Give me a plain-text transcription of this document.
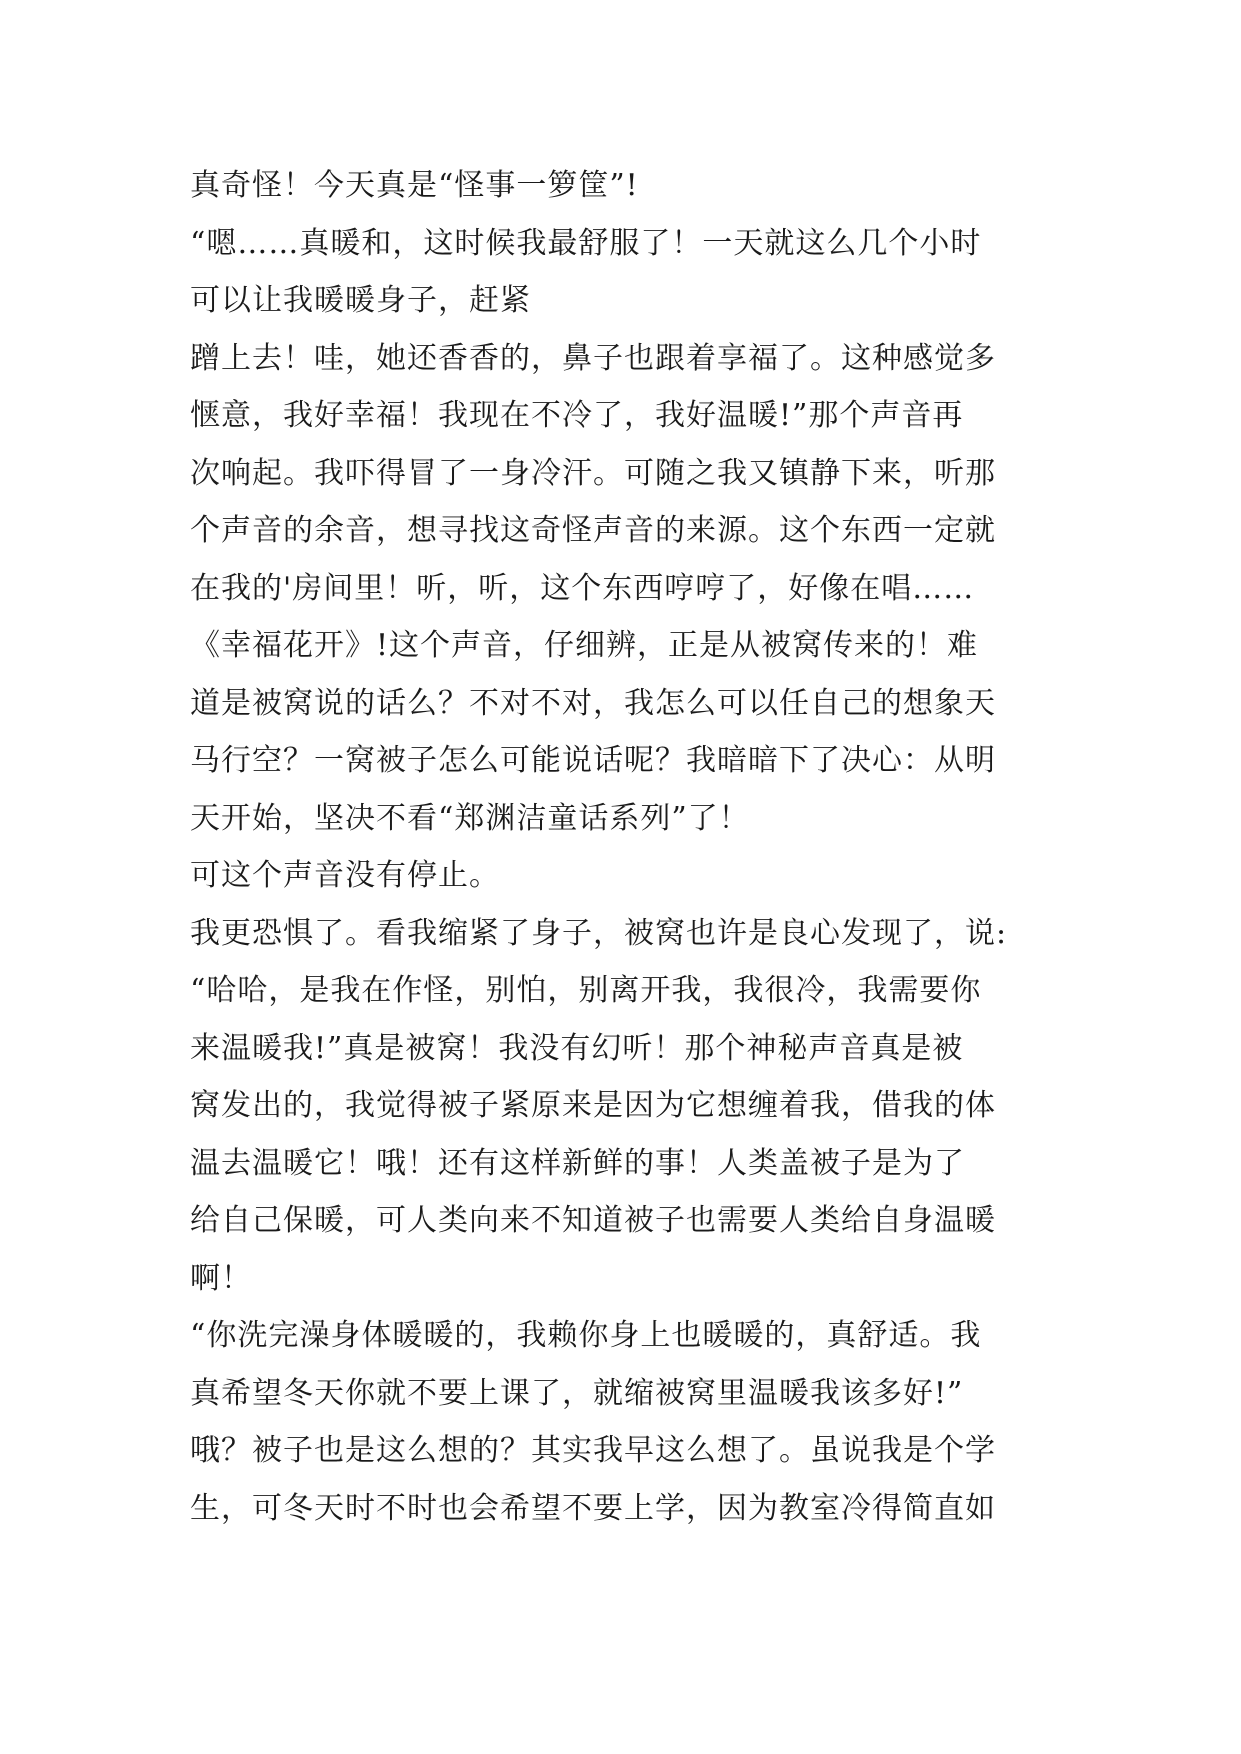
真奇怪！今天真是“怪事一箩筐”!
“嗯……真暖和，这时候我最舒服了！一天就这么几个小时
可以让我暖暖身子，赶紧
蹭上去！哇，她还香香的，鼻子也跟着享福了。这种感觉多
惬意，我好幸福！我现在不冷了，我好温暖!”那个声音再
次响起。我吓得冒了一身冷汗。可随之我又镇静下来，听那
个声音的余音，想寻找这奇怪声音的来源。这个东西一定就
在我的'房间里！听，听，这个东西哼哼了，好像在唱……
《幸福花开》!这个声音，仔细辨，正是从被窝传来的！难
道是被窝说的话么？不对不对，我怎么可以任自己的想象天
马行空？一窝被子怎么可能说话呢？我暗暗下了决心：从明
天开始，坚决不看“郑渊洁童话系列”了！
可这个声音没有停止。
我更恐惧了。看我缩紧了身子，被窝也许是良心发现了，说:
“哈哈，是我在作怪，别怕，别离开我，我很冷，我需要你
来温暖我!”真是被窝！我没有幻听！那个神秘声音真是被
窝发出的，我觉得被子紧原来是因为它想缠着我，借我的体
温去温暖它！哦！还有这样新鲜的事！人类盖被子是为了
给自己保暖，可人类向来不知道被子也需要人类给自身温暖
啊！
“你洗完澡身体暖暖的，我赖你身上也暖暖的，真舒适。我
真希望冬天你就不要上课了，就缩被窝里温暖我该多好!”
哦？被子也是这么想的？其实我早这么想了。虽说我是个学
生，可冬天时不时也会希望不要上学，因为教室冷得简直如
